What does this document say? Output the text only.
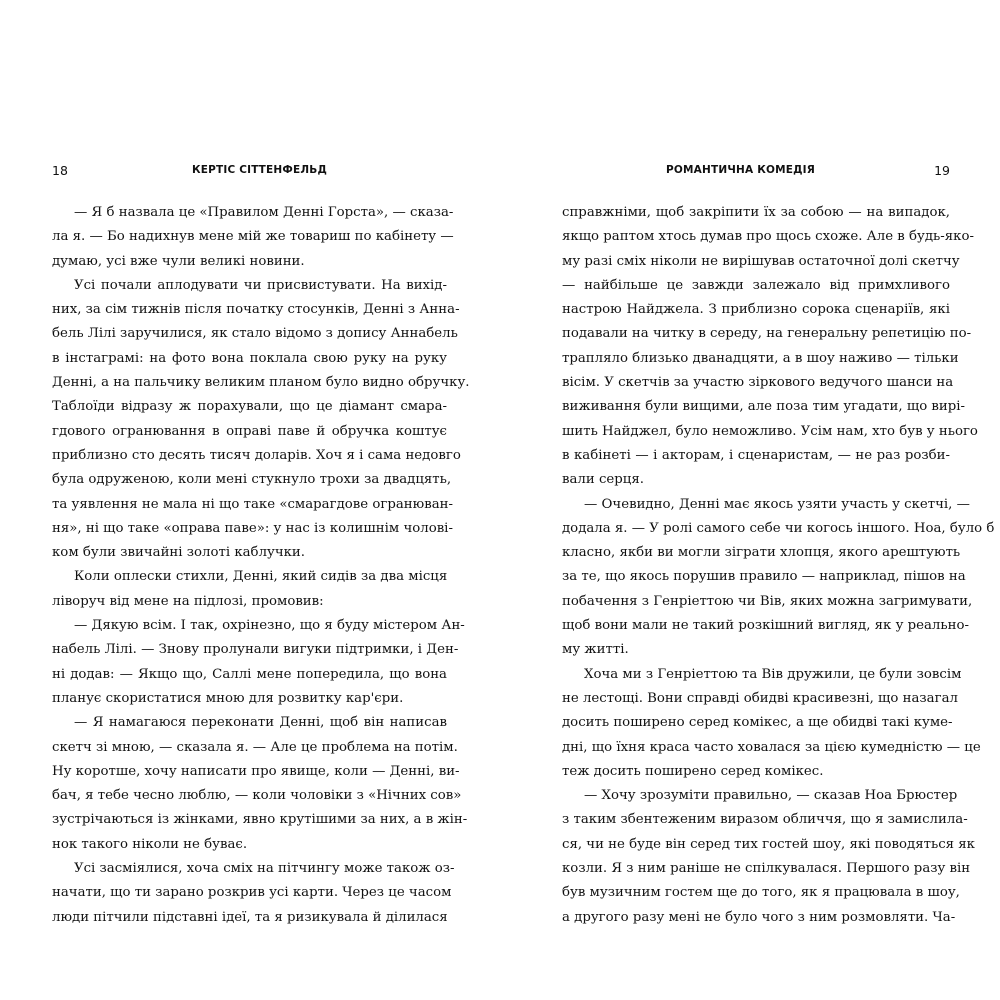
18	КЕРТІС СІТТЕНФЕЛЬД
— Я б назвала це «Правилом Денні Горста», — сказа-
ла я. — Бо надихнув мене мій же товариш по кабінету —
думаю, усі вже чули великі новини.
Усі почали аплодувати чи присвистувати. На вихід-
них, за сім тижнів після початку стосунків, Денні з Анна-
бель Лілі заручилися, як стало відомо з допису Аннабель
в інстаграмі: на фото вона поклала свою руку на руку
Денні, а на пальчику великим планом було видно обручку.
Таблоїди відразу ж порахували, що це діамант смара-
гдового огранювання в оправі паве й обручка коштує
приблизно сто десять тисяч доларів. Хоч я і сама недовго
була одруженою, коли мені стукнуло трохи за двадцять,
та уявлення не мала ні що таке «смарагдове огранюван-
ня», ні що таке «оправа паве»: у нас із колишнім чолові-
ком були звичайні золоті каблучки.
Коли оплески стихли, Денні, який сидів за два місця
ліворуч від мене на підлозі, промовив:
— Дякую всім. І так, охрінезно, що я буду містером Ан-
набель Лілі. — Знову пролунали вигуки підтримки, і Ден-
ні додав: — Якщо що, Саллі мене попередила, що вона
планує скористатися мною для розвитку кар'єри.
— Я намагаюся переконати Денні, щоб він написав
скетч зі мною, — сказала я. — Але це проблема на потім.
Ну коротше, хочу написати про явище, коли — Денні, ви-
бач, я тебе чесно люблю, — коли чоловіки з «Нічних сов»
зустрічаються із жінками, явно крутішими за них, а в жін-
нок такого ніколи не буває.
Усі засміялися, хоча сміх на пітчингу може також оз-
начати, що ти зарано розкрив усі карти. Через це часом
люди пітчили підставні ідеї, та я ризикувала й ділилася
РОМАНТИЧНА КОМЕДІЯ	19
справжніми, щоб закріпити їх за собою — на випадок,
якщо раптом хтось думав про щось схоже. Але в будь-яко-
му разі сміх ніколи не вирішував остаточної долі скетчу
— найбільше це завжди залежало від примхливого
настрою Найджела. З приблизно сорока сценаріїв, які
подавали на читку в середу, на генеральну репетицію по-
трапляло близько дванадцяти, а в шоу наживо — тільки
вісім. У скетчів за участю зіркового ведучого шанси на
виживання були вищими, але поза тим угадати, що вирі-
шить Найджел, було неможливо. Усім нам, хто був у нього
в кабінеті — і акторам, і сценаристам, — не раз розби-
вали серця.
— Очевидно, Денні має якось узяти участь у скетчі, —
додала я. — У ролі самого себе чи когось іншого. Ноа, було б
класно, якби ви могли зіграти хлопця, якого арештують
за те, що якось порушив правило — наприклад, пішов на
побачення з Генріеттою чи Вів, яких можна загримувати,
щоб вони мали не такий розкішний вигляд, як у реально-
му житті.
Хоча ми з Генріеттою та Вів дружили, це були зовсім
не лестощі. Вони справді обидві красивезні, що назагал
досить поширено серед комікес, а ще обидві такі куме-
дні, що їхня краса часто ховалася за цією кумедністю — це
теж досить поширено серед комікес.
— Хочу зрозуміти правильно, — сказав Ноа Брюстер
з таким збентеженим виразом обличчя, що я замислила-
ся, чи не буде він серед тих гостей шоу, які поводяться як
козли. Я з ним раніше не спілкувалася. Першого разу він
був музичним гостем ще до того, як я працювала в шоу,
а другого разу мені не було чого з ним розмовляти. Ча-
